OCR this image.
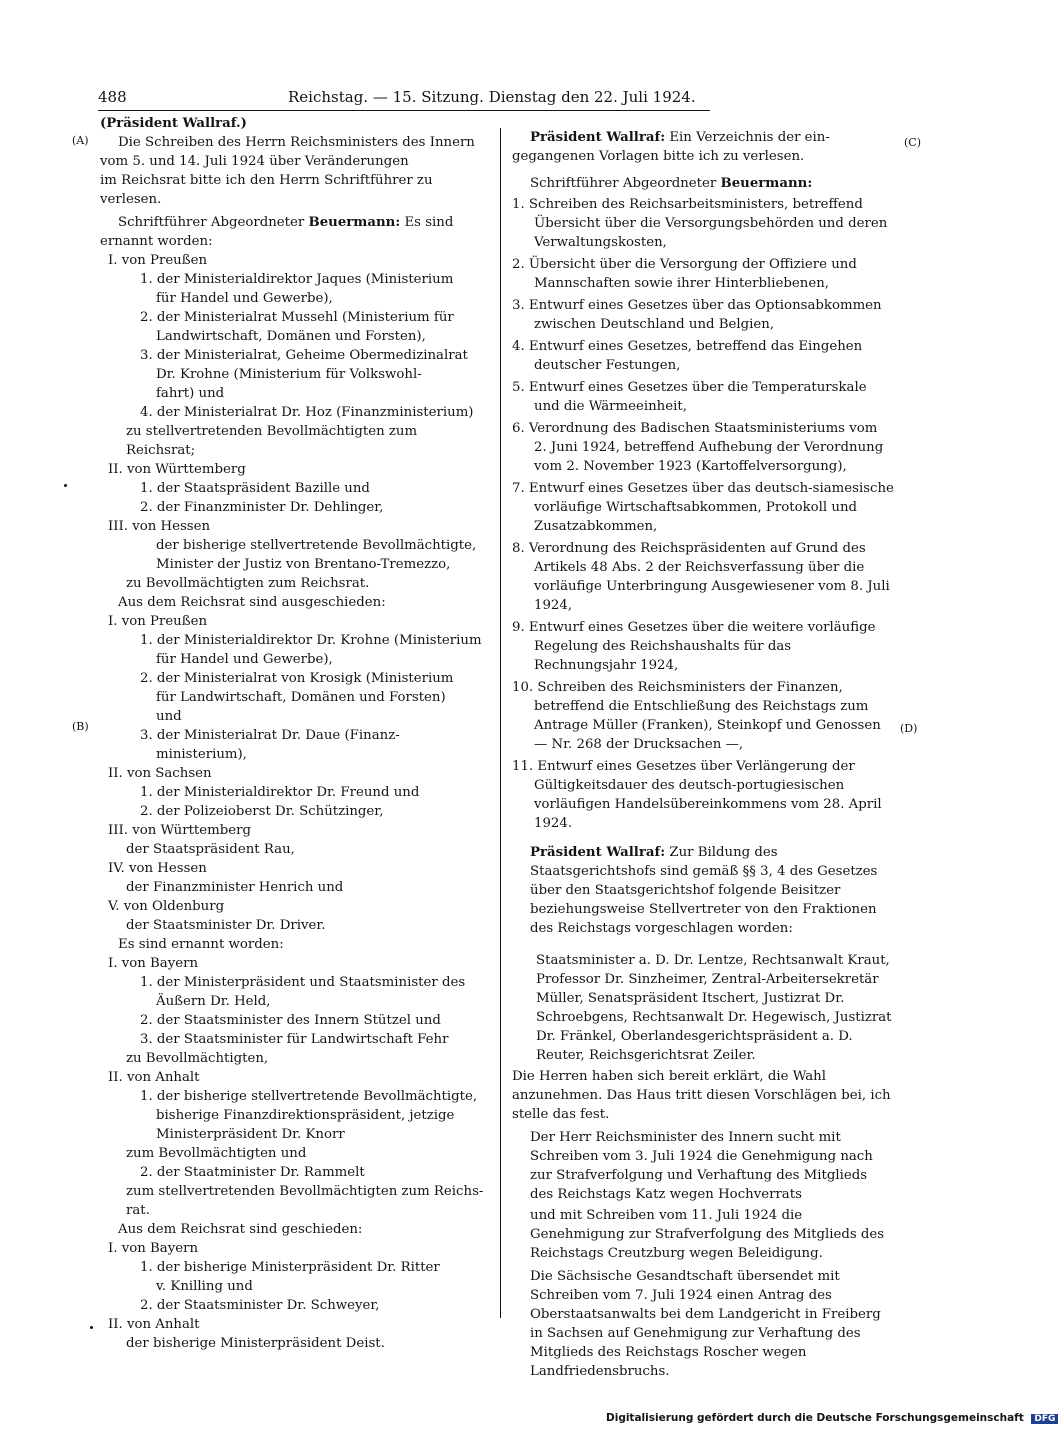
488	Reichstag. — 15. Sitzung. Dienstag den 22. Juli 1924.
(A)
(B)
(C)
(D)

(Präsident Wallraf.)

Die Schreiben des Herrn Reichsministers des Innern

vom 5. und 14. Juli 1924 über Veränderungen

im Reichsrat bitte ich den Herrn Schriftführer zu

verlesen.

Schriftführer Abgeordneter Beuermann: Es sind

ernannt worden:

I. von Preußen

1. der Ministerialdirektor Jaques (Ministerium

für Handel und Gewerbe),

2. der Ministerialrat Mussehl (Ministerium für

Landwirtschaft, Domänen und Forsten),

3. der Ministerialrat, Geheime Obermedizinalrat

Dr. Krohne (Ministerium für Volkswohl-

fahrt) und

4. der Ministerialrat Dr. Hoz (Finanzministerium)

zu stellvertretenden Bevollmächtigten zum Reichsrat;

II. von Württemberg

1. der Staatspräsident Bazille und

2. der Finanzminister Dr. Dehlinger,

III. von Hessen

der bisherige stellvertretende Bevollmächtigte,

Minister der Justiz von Brentano-Tremezzo,

zu Bevollmächtigten zum Reichsrat.

Aus dem Reichsrat sind ausgeschieden:

I. von Preußen

1. der Ministerialdirektor Dr. Krohne (Ministerium

für Handel und Gewerbe),

2. der Ministerialrat von Krosigk (Ministerium

für Landwirtschaft, Domänen und Forsten)

und

3. der Ministerialrat Dr. Daue (Finanz-

ministerium),

II. von Sachsen

1. der Ministerialdirektor Dr. Freund und

2. der Polizeioberst Dr. Schützinger,

III. von Württemberg

der Staatspräsident Rau,

IV. von Hessen

der Finanzminister Henrich und

V. von Oldenburg

der Staatsminister Dr. Driver.

Es sind ernannt worden:

I. von Bayern

1. der Ministerpräsident und Staatsminister des

Äußern Dr. Held,

2. der Staatsminister des Innern Stützel und

3. der Staatsminister für Landwirtschaft Fehr

zu Bevollmächtigten,

II. von Anhalt

1. der bisherige stellvertretende Bevollmächtigte,

bisherige Finanzdirektionspräsident, jetzige

Ministerpräsident Dr. Knorr

zum Bevollmächtigten und

2. der Staatminister Dr. Rammelt

zum stellvertretenden Bevollmächtigten zum Reichs-

rat.

Aus dem Reichsrat sind geschieden:

I. von Bayern

1. der bisherige Ministerpräsident Dr. Ritter

v. Knilling und

2. der Staatsminister Dr. Schweyer,

II. von Anhalt

der bisherige Ministerpräsident Deist.

Präsident Wallraf: Ein Verzeichnis der ein-

gegangenen Vorlagen bitte ich zu verlesen.

Schriftführer Abgeordneter Beuermann:

1. Schreiben des Reichsarbeitsministers, betreffend Übersicht über die Versorgungsbehörden und deren Verwaltungskosten,

2. Übersicht über die Versorgung der Offiziere und Mannschaften sowie ihrer Hinterbliebenen,

3. Entwurf eines Gesetzes über das Optionsabkommen zwischen Deutschland und Belgien,

4. Entwurf eines Gesetzes, betreffend das Eingehen deutscher Festungen,

5. Entwurf eines Gesetzes über die Temperaturskale und die Wärmeeinheit,

6. Verordnung des Badischen Staatsministeriums vom 2. Juni 1924, betreffend Aufhebung der Verordnung vom 2. November 1923 (Kartoffelversorgung),

7. Entwurf eines Gesetzes über das deutsch-siamesische vorläufige Wirtschaftsabkommen, Protokoll und Zusatzabkommen,

8. Verordnung des Reichspräsidenten auf Grund des Artikels 48 Abs. 2 der Reichsverfassung über die vorläufige Unterbringung Ausgewiesener vom 8. Juli 1924,

9. Entwurf eines Gesetzes über die weitere vorläufige Regelung des Reichshaushalts für das Rechnungsjahr 1924,

10. Schreiben des Reichsministers der Finanzen, betreffend die Entschließung des Reichstags zum Antrage Müller (Franken), Steinkopf und Genossen — Nr. 268 der Drucksachen —,

11. Entwurf eines Gesetzes über Verlängerung der Gültigkeitsdauer des deutsch-portugiesischen vorläufigen Handelsübereinkommens vom 28. April 1924.

Präsident Wallraf: Zur Bildung des Staatsgerichtshofs sind gemäß §§ 3, 4 des Gesetzes über den Staatsgerichtshof folgende Beisitzer beziehungsweise Stellvertreter von den Fraktionen des Reichstags vorgeschlagen worden:

Staatsminister a. D. Dr. Lentze, Rechtsanwalt Kraut, Professor Dr. Sinzheimer, Zentral-Arbeitersekretär Müller, Senatspräsident Itschert, Justizrat Dr. Schroebgens, Rechtsanwalt Dr. Hegewisch, Justizrat Dr. Fränkel, Oberlandesgerichtspräsident a. D. Reuter, Reichsgerichtsrat Zeiler.

Die Herren haben sich bereit erklärt, die Wahl anzunehmen. Das Haus tritt diesen Vorschlägen bei, ich stelle das fest.

Der Herr Reichsminister des Innern sucht mit Schreiben vom 3. Juli 1924 die Genehmigung nach zur Strafverfolgung und Verhaftung des Mitglieds des Reichstags Katz wegen Hochverrats

und mit Schreiben vom 11. Juli 1924 die Genehmigung zur Strafverfolgung des Mitglieds des Reichstags Creutzburg wegen Beleidigung.

Die Sächsische Gesandtschaft übersendet mit Schreiben vom 7. Juli 1924 einen Antrag des Oberstaatsanwalts bei dem Landgericht in Freiberg in Sachsen auf Genehmigung zur Verhaftung des Mitglieds des Reichstags Roscher wegen Landfriedensbruchs.

Digitalisierung gefördert durch die Deutsche Forschungsgemeinschaft DFG
